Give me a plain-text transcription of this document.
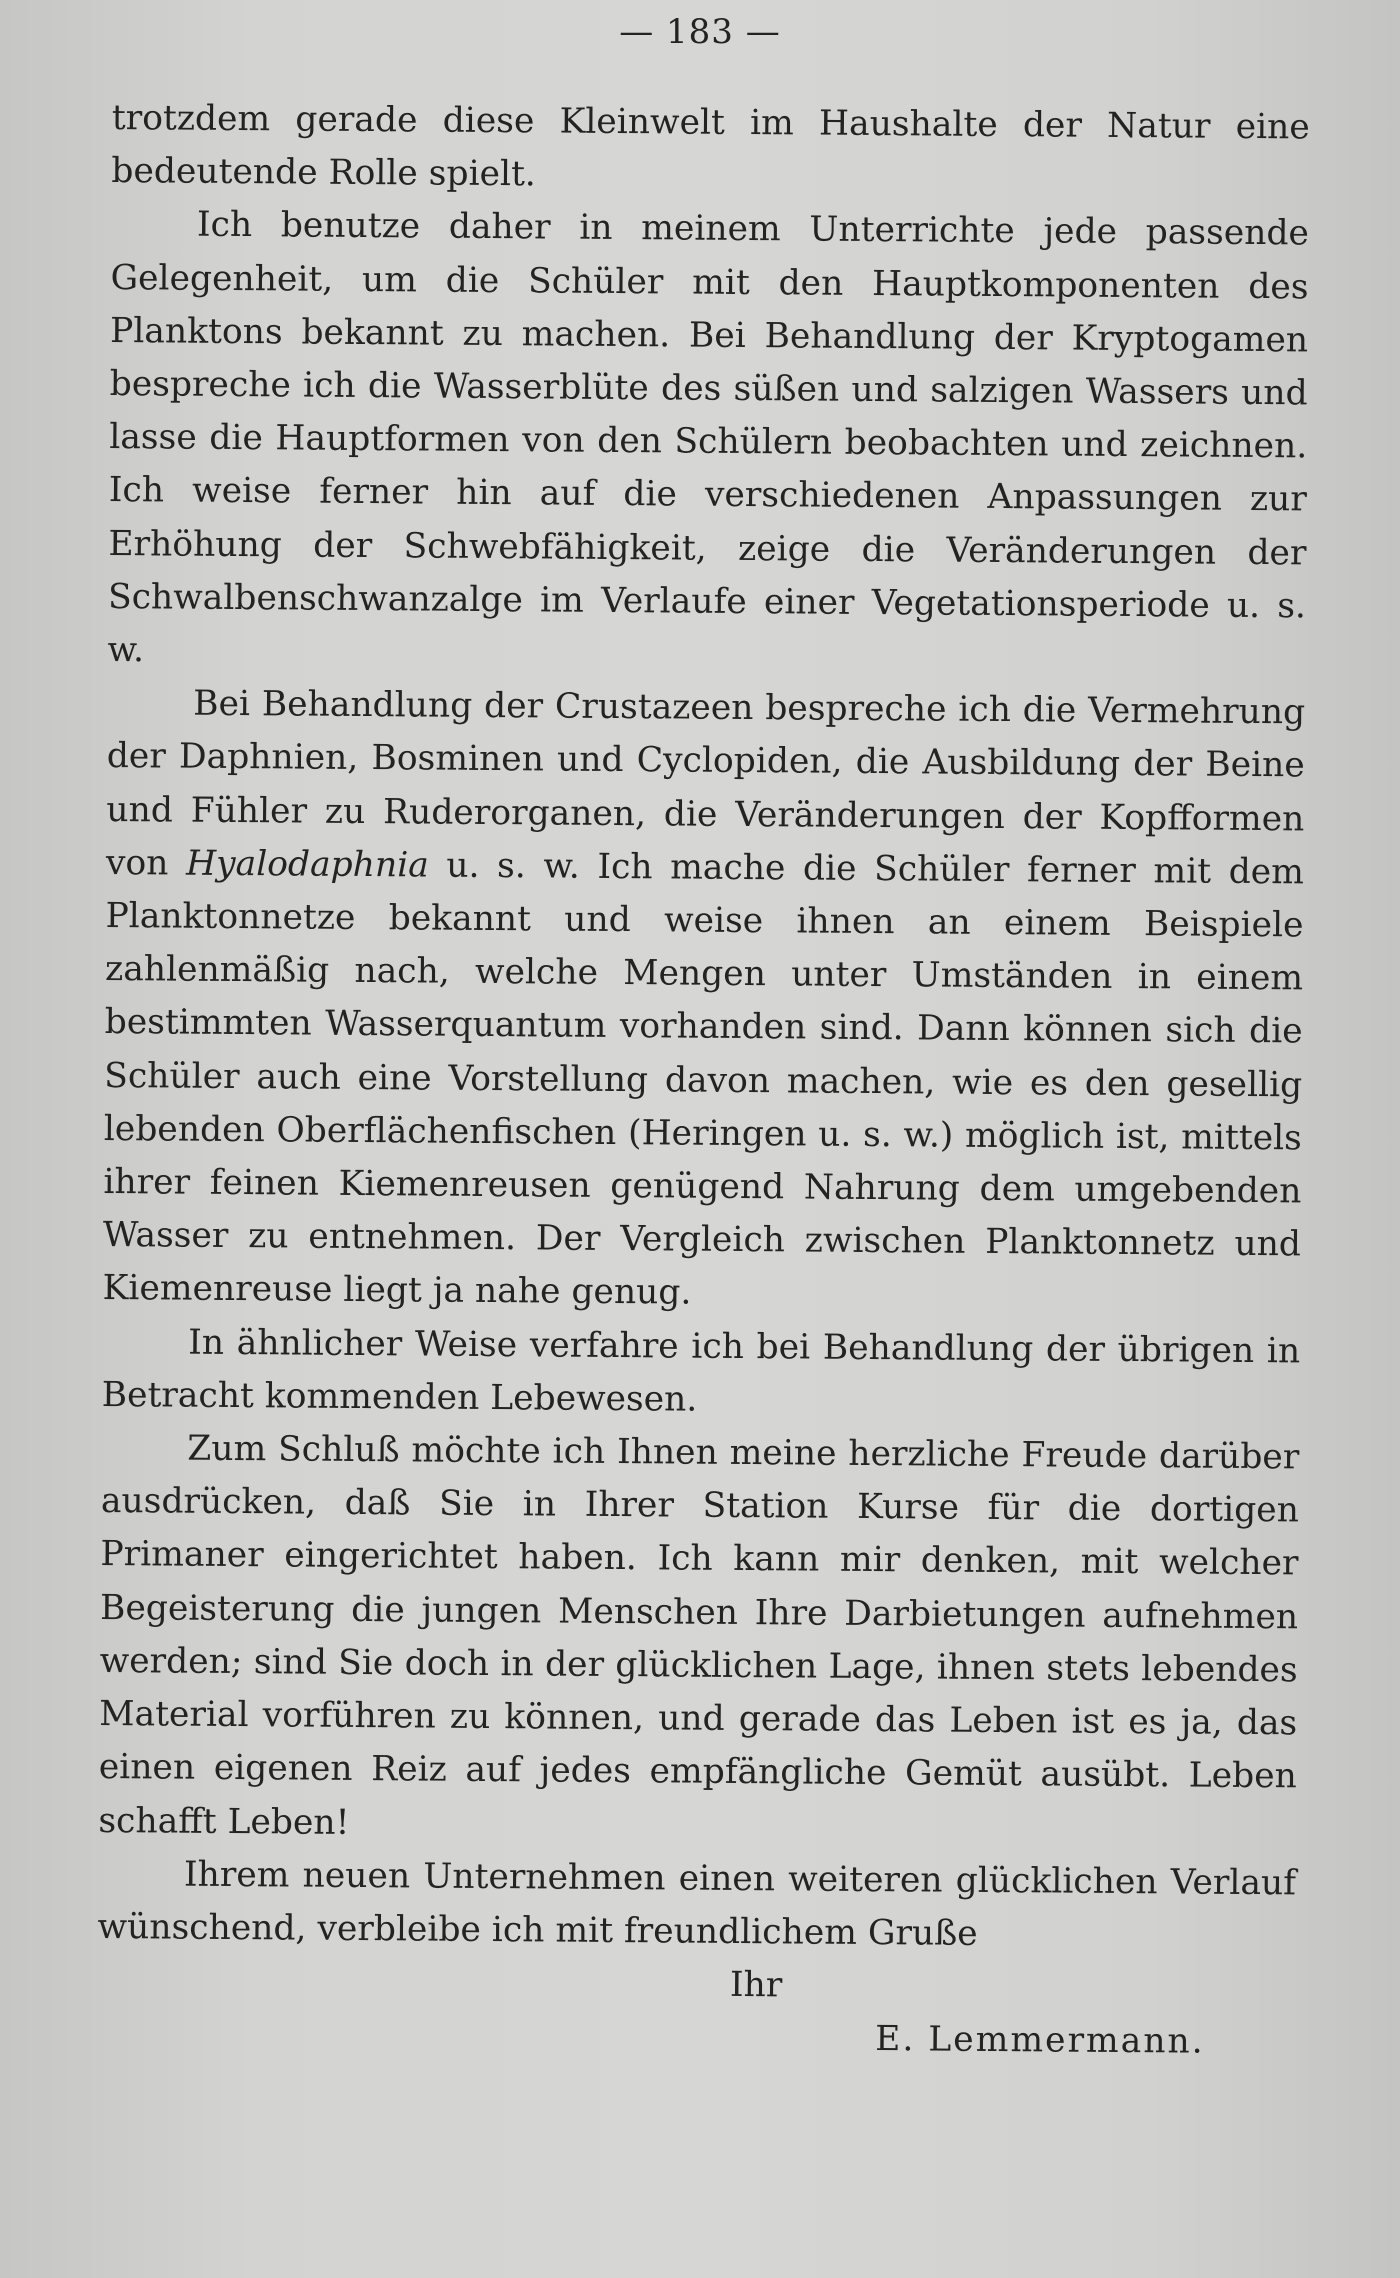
— 183 —

trotzdem gerade diese Kleinwelt im Haushalte der Natur eine bedeutende Rolle spielt.

Ich benutze daher in meinem Unterrichte jede passende Gelegenheit, um die Schüler mit den Hauptkomponenten des Planktons bekannt zu machen. Bei Behandlung der Kryptogamen bespreche ich die Wasserblüte des süßen und salzigen Wassers und lasse die Hauptformen von den Schülern beobachten und zeichnen. Ich weise ferner hin auf die verschiedenen Anpassungen zur Erhöhung der Schwebfähigkeit, zeige die Veränderungen der Schwalbenschwanzalge im Verlaufe einer Vegetationsperiode u. s. w.

Bei Behandlung der Crustazeen bespreche ich die Vermehrung der Daphnien, Bosminen und Cyclopiden, die Ausbildung der Beine und Fühler zu Ruderorganen, die Veränderungen der Kopfformen von Hyalodaphnia u. s. w. Ich mache die Schüler ferner mit dem Planktonnetze bekannt und weise ihnen an einem Beispiele zahlenmäßig nach, welche Mengen unter Umständen in einem bestimmten Wasserquantum vorhanden sind. Dann können sich die Schüler auch eine Vorstellung davon machen, wie es den gesellig lebenden Oberflächenfischen (Heringen u. s. w.) möglich ist, mittels ihrer feinen Kiemenreusen genügend Nahrung dem umgebenden Wasser zu entnehmen. Der Vergleich zwischen Planktonnetz und Kiemenreuse liegt ja nahe genug.

In ähnlicher Weise verfahre ich bei Behandlung der übrigen in Betracht kommenden Lebewesen.

Zum Schluß möchte ich Ihnen meine herzliche Freude darüber ausdrücken, daß Sie in Ihrer Station Kurse für die dortigen Primaner eingerichtet haben. Ich kann mir denken, mit welcher Begeisterung die jungen Menschen Ihre Darbietungen aufnehmen werden; sind Sie doch in der glücklichen Lage, ihnen stets lebendes Material vorführen zu können, und gerade das Leben ist es ja, das einen eigenen Reiz auf jedes empfängliche Gemüt ausübt. Leben schafft Leben!

Ihrem neuen Unternehmen einen weiteren glücklichen Verlauf wünschend, verbleibe ich mit freundlichem Gruße

Ihr

E. Lemmermann.
